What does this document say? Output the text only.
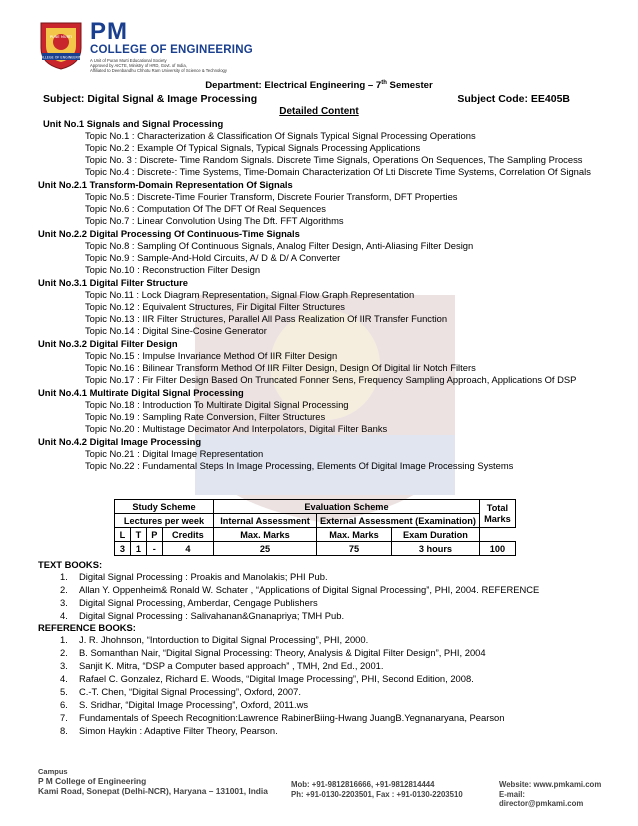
PUNE MURTI
COLLEGE OF ENGINEERING
PM
COLLEGE OF ENGINEERING
A Unit of Puran Murti Educational Society
Approved by AICTE, Ministry of HRD, Govt. of India,
Affiliated to Deenbandhu Chhotu Ram University of Science & Technology
Department: Electrical Engineering – 7th Semester
Subject: Digital Signal & Image Processing	Subject Code: EE405B
Detailed Content
Unit No.1 Signals and Signal Processing
Topic No.1 : Characterization & Classification Of Signals Typical Signal Processing Operations
Topic No.2 : Example Of Typical Signals, Typical Signals Processing Applications
Topic No. 3 : Discrete- Time Random Signals. Discrete Time Signals, Operations On Sequences, The Sampling Process
Topic No.4 : Discrete-: Time Systems, Time-Domain Characterization Of Lti Discrete Time Systems, Correlation Of Signals
Unit No.2.1 Transform-Domain Representation Of Signals
Topic No.5 : Discrete-Time Fourier Transform, Discrete Fourier Transform, DFT Properties
Topic No.6 : Computation Of The DFT Of Real Sequences
Topic No.7 : Linear Convolution Using The Dft. FFT Algorithms
Unit No.2.2 Digital Processing Of Continuous-Time Signals
Topic No.8 : Sampling Of Continuous Signals, Analog Filter Design, Anti-Aliasing Filter Design
Topic No.9 : Sample-And-Hold Circuits, A/ D & D/ A Converter
Topic No.10 : Reconstruction Filter Design
Unit No.3.1 Digital Filter Structure
Topic No.11 : Lock Diagram Representation, Signal Flow Graph Representation
Topic No.12 : Equivalent Structures, Fir Digital Filter Structures
Topic No.13 : IIR Filter Structures, Parallel All Pass Realization Of IIR Transfer Function
Topic No.14 : Digital Sine-Cosine Generator
Unit No.3.2 Digital Filter Design
Topic No.15 : Impulse Invariance Method Of IIR Filter Design
Topic No.16 : Bilinear Transform Method Of IIR Filter Design, Design Of Digital Iir Notch Filters
Topic No.17 : Fir Filter Design Based On Truncated Fonner Sens, Frequency Sampling Approach, Applications Of DSP
Unit No.4.1 Multirate Digital Signal Processing
Topic No.18 : Introduction To Multirate Digital Signal Processing
Topic No.19 : Sampling Rate Conversion, Filter Structures
Topic No.20 : Multistage Decimator And Interpolators, Digital Filter Banks
Unit No.4.2 Digital Image Processing
Topic No.21 : Digital Image Representation
Topic No.22 : Fundamental Steps In Image Processing, Elements Of Digital Image Processing Systems
Study Scheme				Evaluation Scheme			Total Marks
Lectures per week				Internal Assessment	External Assessment (Examination)		
L	T	P	Credits	Max. Marks	Max. Marks	Exam Duration	
3	1	-	4	25	75	3 hours	100
TEXT BOOKS:
1. Digital Signal Processing : Proakis and Manolakis; PHI Pub.
2. Allan Y. Oppenheim& Ronald W. Schater , “Applications of Digital Signal Processing”, PHI, 2004. REFERENCE
3. Digital Signal Processing, Amberdar, Cengage Publishers
4. Digital Signal Processing : Salivahanan&Gnanapriya; TMH Pub.
REFERENCE BOOKS:
1. J. R. Jhohnson, “Intorduction to Digital Signal Processing”, PHI, 2000.
2. B. Somanthan Nair, “Digital Signal Processing: Theory, Analysis & Digital Filter Design”, PHI, 2004
3. Sanjit K. Mitra, “DSP a Computer based approach” , TMH, 2nd Ed., 2001.
4. Rafael C. Gonzalez, Richard E. Woods, “Digital Image Processing”, PHI, Second Edition, 2008.
5. C.-T. Chen, “Digital Signal Processing”, Oxford, 2007.
6. S. Sridhar, “Digital Image Processing”, Oxford, 2011.ws
7. Fundamentals of Speech Recognition:Lawrence RabinerBiing-Hwang JuangB.Yegnanaryana, Pearson
8. Simon Haykin : Adaptive Filter Theory, Pearson.
Campus
P M College of Engineering
Kami Road, Sonepat (Delhi-NCR), Haryana – 131001, India
Mob: +91-9812816666, +91-9812814444
Ph: +91-0130-2203501, Fax : +91-0130-2203510
Website: www.pmkami.com
E-mail: director@pmkami.com
